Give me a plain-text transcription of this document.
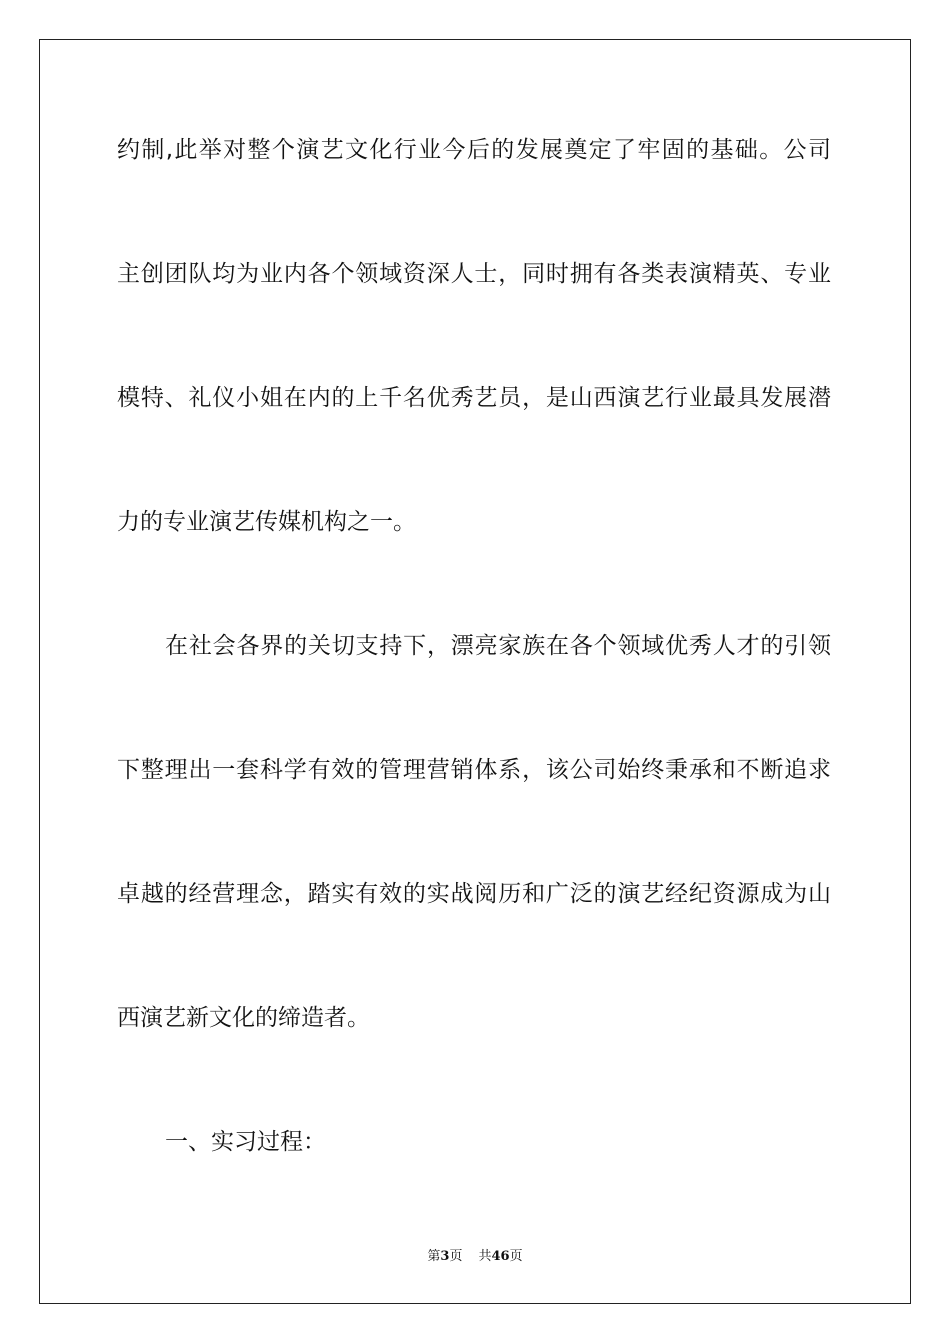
约制,此举对整个演艺文化行业今后的发展奠定了牢固的基础。公司
主创团队均为业内各个领域资深人士，同时拥有各类表演精英、专业
模特、礼仪小姐在内的上千名优秀艺员，是山西演艺行业最具发展潜
力的专业演艺传媒机构之一。
在社会各界的关切支持下，漂亮家族在各个领域优秀人才的引领
下整理出一套科学有效的管理营销体系，该公司始终秉承和不断追求
卓越的经营理念，踏实有效的实战阅历和广泛的演艺经纪资源成为山
西演艺新文化的缔造者。
一、实习过程：
第3页 共46页
